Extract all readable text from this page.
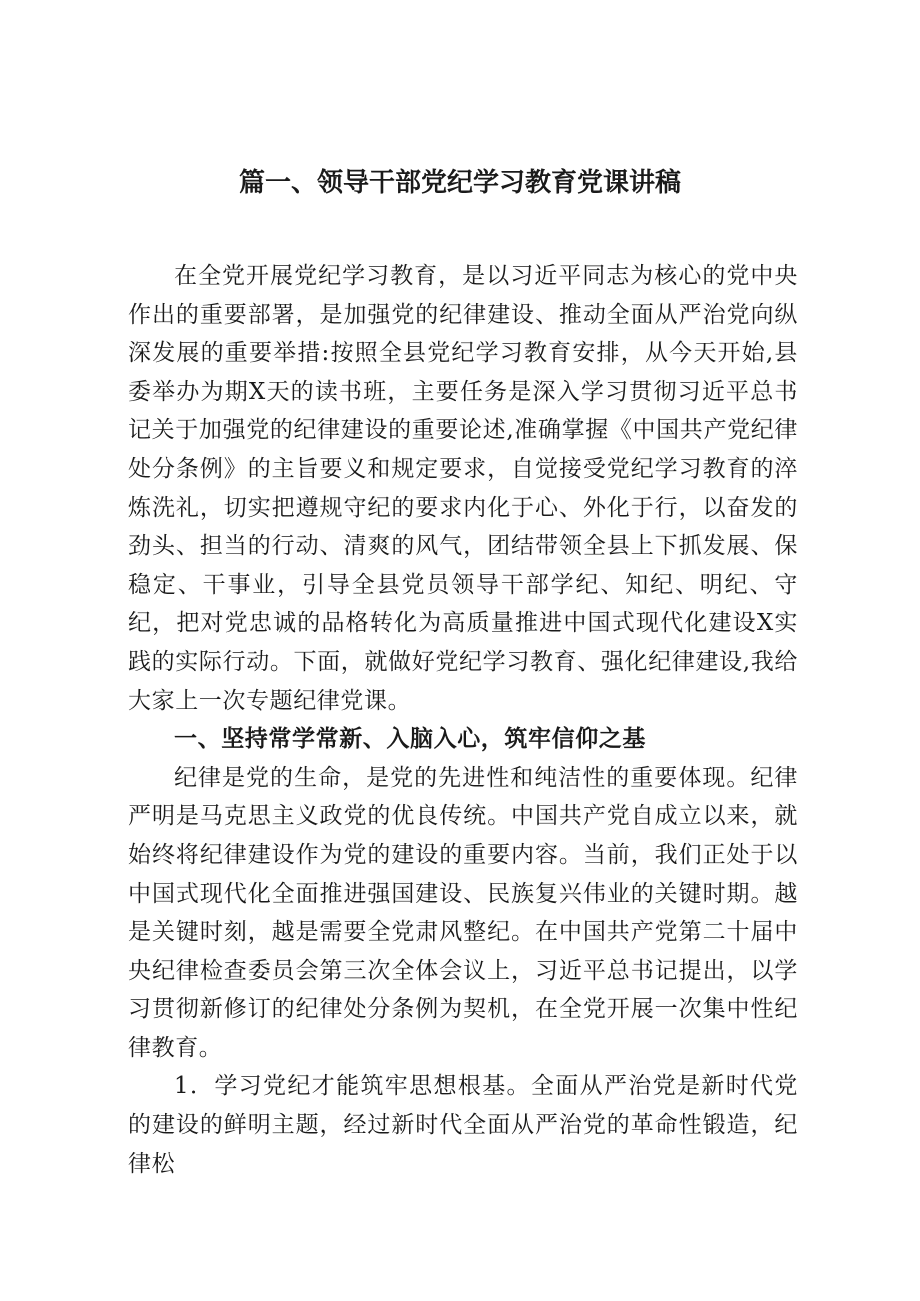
篇一、领导干部党纪学习教育党课讲稿

在全党开展党纪学习教育，是以习近平同志为核心的党中央作出的重要部署，是加强党的纪律建设、推动全面从严治党向纵深发展的重要举措:按照全县党纪学习教育安排，从今天开始,县委举办为期X天的读书班，主要任务是深入学习贯彻习近平总书记关于加强党的纪律建设的重要论述,准确掌握《中国共产党纪律处分条例》的主旨要义和规定要求，自觉接受党纪学习教育的淬炼洗礼，切实把遵规守纪的要求内化于心、外化于行，以奋发的劲头、担当的行动、清爽的风气，团结带领全县上下抓发展、保稳定、干事业，引导全县党员领导干部学纪、知纪、明纪、守纪，把对党忠诚的品格转化为高质量推进中国式现代化建设X实践的实际行动。下面，就做好党纪学习教育、强化纪律建设,我给大家上一次专题纪律党课。

一、坚持常学常新、入脑入心，筑牢信仰之基

纪律是党的生命，是党的先进性和纯洁性的重要体现。纪律严明是马克思主义政党的优良传统。中国共产党自成立以来，就始终将纪律建设作为党的建设的重要内容。当前，我们正处于以中国式现代化全面推进强国建设、民族复兴伟业的关键时期。越是关键时刻，越是需要全党肃风整纪。在中国共产党第二十届中央纪律检查委员会第三次全体会议上，习近平总书记提出，以学习贯彻新修订的纪律处分条例为契机，在全党开展一次集中性纪律教育。

1．学习党纪才能筑牢思想根基。全面从严治党是新时代党的建设的鲜明主题，经过新时代全面从严治党的革命性锻造，纪律松
